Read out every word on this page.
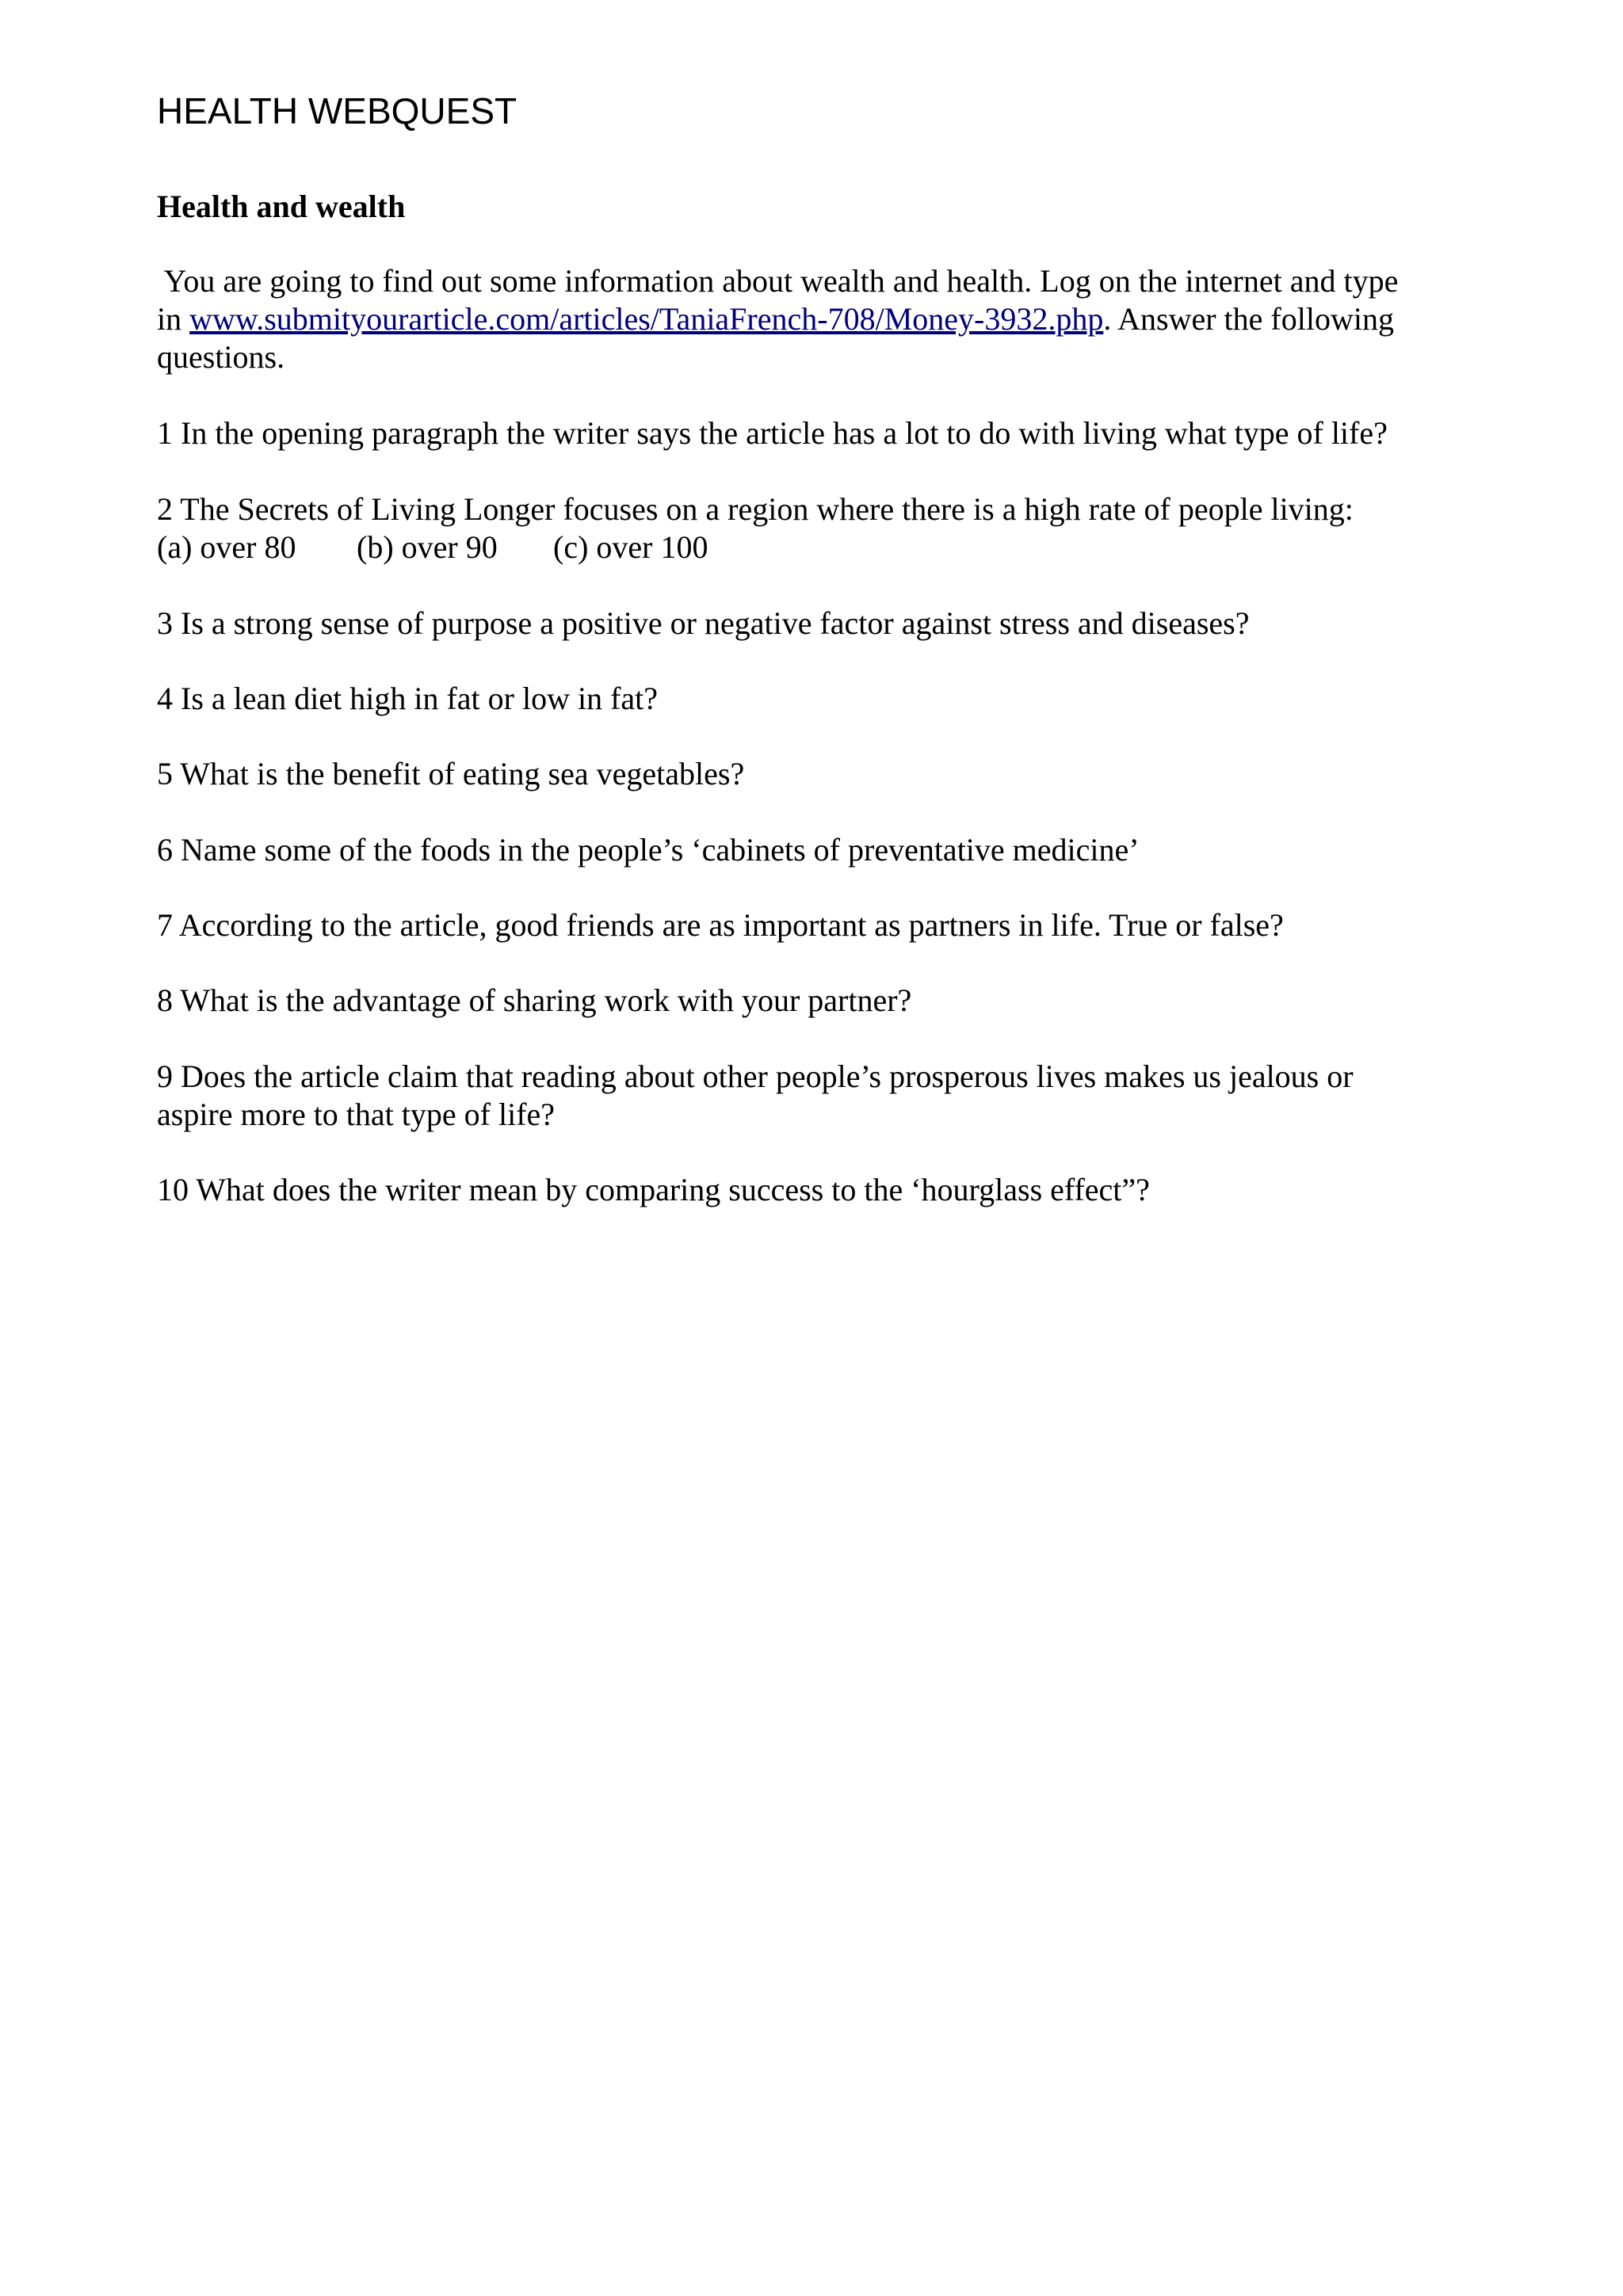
HEALTH WEBQUEST
Health and wealth

You are going to find out some information about wealth and health. Log on the internet and type
in www.submityourarticle.com/articles/TaniaFrench-708/Money-3932.php. Answer the following
questions.

1 In the opening paragraph the writer says the article has a lot to do with living what type of life?

2 The Secrets of Living Longer focuses on a region where there is a high rate of people living:
(a) over 80 (b) over 90 (c) over 100

3 Is a strong sense of purpose a positive or negative factor against stress and diseases?

4 Is a lean diet high in fat or low in fat?

5 What is the benefit of eating sea vegetables?

6 Name some of the foods in the people’s ‘cabinets of preventative medicine’

7 According to the article, good friends are as important as partners in life. True or false?

8 What is the advantage of sharing work with your partner?

9 Does the article claim that reading about other people’s prosperous lives makes us jealous or
aspire more to that type of life?

10 What does the writer mean by comparing success to the ‘hourglass effect”?
